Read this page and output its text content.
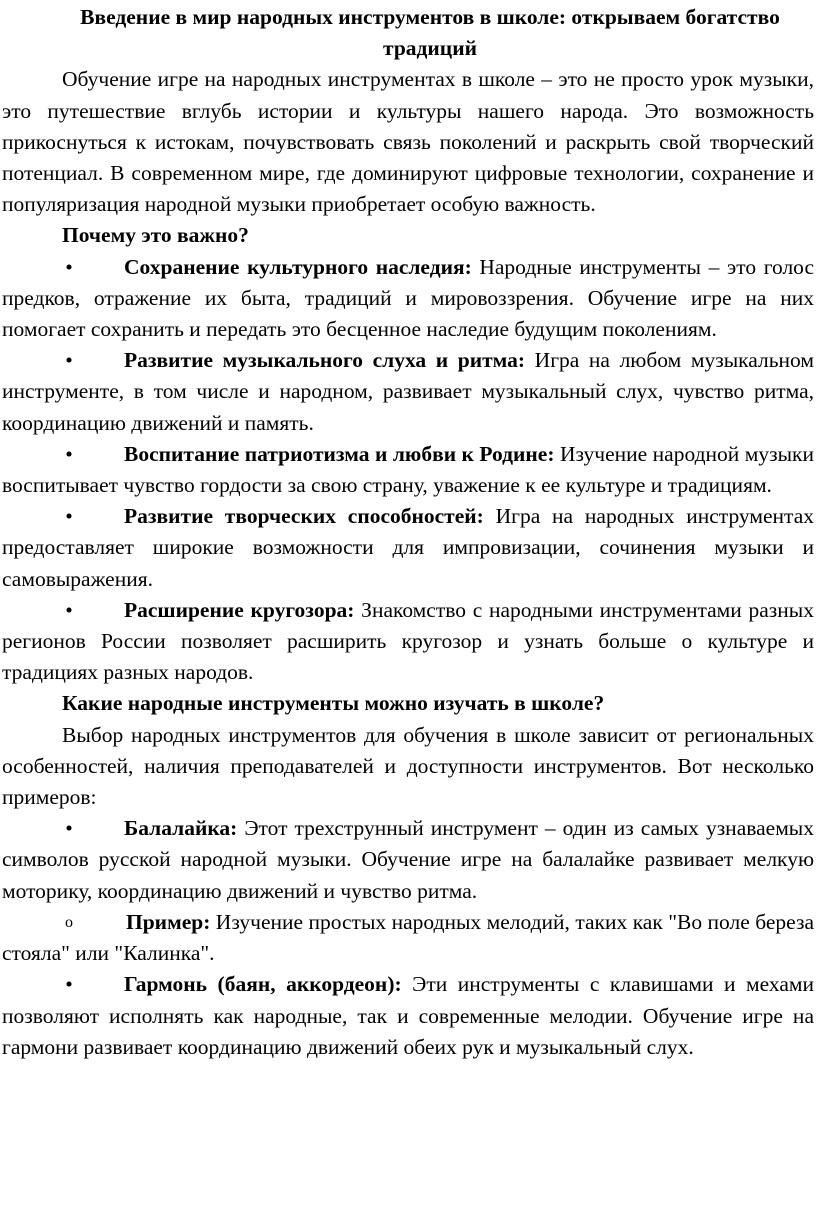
Введение в мир народных инструментов в школе: открываем богатство традиций

Обучение игре на народных инструментах в школе – это не просто урок музыки, это путешествие вглубь истории и культуры нашего народа. Это возможность прикоснуться к истокам, почувствовать связь поколений и раскрыть свой творческий потенциал. В современном мире, где доминируют цифровые технологии, сохранение и популяризация народной музыки приобретает особую важность.

Почему это важно?

• Сохранение культурного наследия: Народные инструменты – это голос предков, отражение их быта, традиций и мировоззрения. Обучение игре на них помогает сохранить и передать это бесценное наследие будущим поколениям.

• Развитие музыкального слуха и ритма: Игра на любом музыкальном инструменте, в том числе и народном, развивает музыкальный слух, чувство ритма, координацию движений и память.

• Воспитание патриотизма и любви к Родине: Изучение народной музыки воспитывает чувство гордости за свою страну, уважение к ее культуре и традициям.

• Развитие творческих способностей: Игра на народных инструментах предоставляет широкие возможности для импровизации, сочинения музыки и самовыражения.

• Расширение кругозора: Знакомство с народными инструментами разных регионов России позволяет расширить кругозор и узнать больше о культуре и традициях разных народов.

Какие народные инструменты можно изучать в школе?

Выбор народных инструментов для обучения в школе зависит от региональных особенностей, наличия преподавателей и доступности инструментов. Вот несколько примеров:

• Балалайка: Этот трехструнный инструмент – один из самых узнаваемых символов русской народной музыки. Обучение игре на балалайке развивает мелкую моторику, координацию движений и чувство ритма.

o Пример: Изучение простых народных мелодий, таких как "Во поле береза стояла" или "Калинка".

• Гармонь (баян, аккордеон): Эти инструменты с клавишами и мехами позволяют исполнять как народные, так и современные мелодии. Обучение игре на гармони развивает координацию движений обеих рук и музыкальный слух.
